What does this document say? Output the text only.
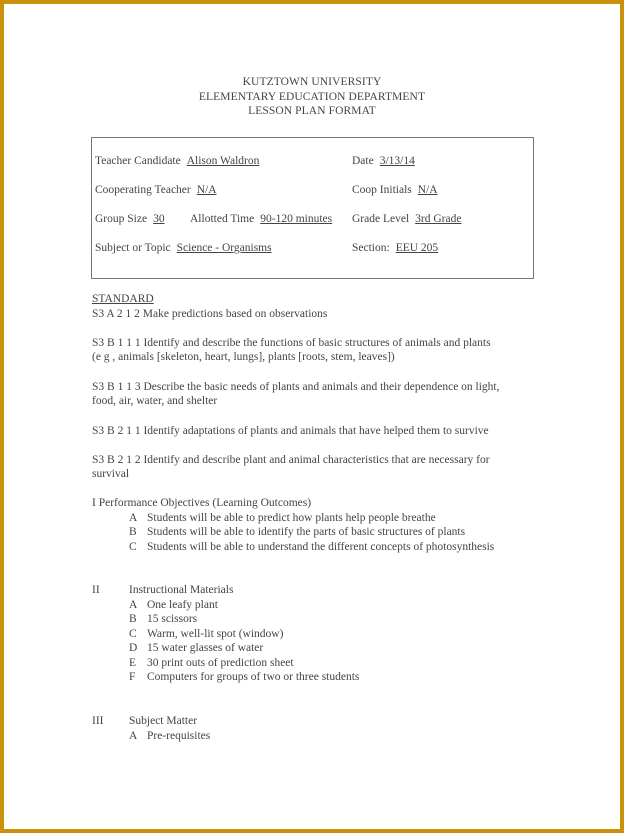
KUTZTOWN UNIVERSITY
ELEMENTARY EDUCATION DEPARTMENT
LESSON PLAN FORMAT
Teacher Candidate Alison Waldron	Date 3/13/14
Cooperating Teacher N/A	Coop Initials N/A
Group Size 30 Allotted Time 90-120 minutes Grade Level 3rd Grade
Subject or Topic Science - Organisms	Section: EEU 205
STANDARD
S3 A 2 1 2 Make predictions based on observations
S3 B 1 1 1 Identify and describe the functions of basic structures of animals and plants
(e g , animals [skeleton, heart, lungs], plants [roots, stem, leaves])
S3 B 1 1 3 Describe the basic needs of plants and animals and their dependence on light,
food, air, water, and shelter
S3 B 2 1 1 Identify adaptations of plants and animals that have helped them to survive
S3 B 2 1 2 Identify and describe plant and animal characteristics that are necessary for
survival
I Performance Objectives (Learning Outcomes)
A Students will be able to predict how plants help people breathe
B Students will be able to identify the parts of basic structures of plants
C Students will be able to understand the different concepts of photosynthesis
II	Instructional Materials
A One leafy plant
B 15 scissors
C Warm, well-lit spot (window)
D 15 water glasses of water
E 30 print outs of prediction sheet
F Computers for groups of two or three students
III Subject Matter
A Pre-requisites
